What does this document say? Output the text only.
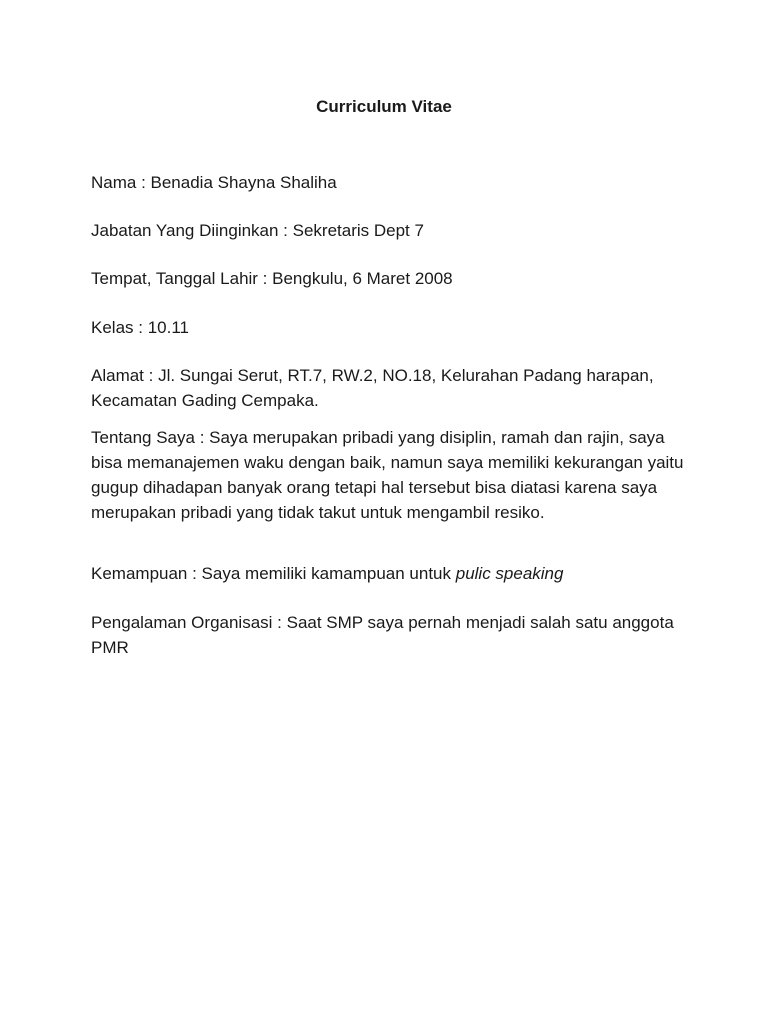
Curriculum Vitae

Nama : Benadia Shayna Shaliha

Jabatan Yang Diinginkan : Sekretaris Dept 7

Tempat, Tanggal Lahir : Bengkulu, 6 Maret 2008

Kelas : 10.11

Alamat : Jl. Sungai Serut, RT.7, RW.2, NO.18, Kelurahan Padang harapan, Kecamatan Gading Cempaka.

Tentang Saya : Saya merupakan pribadi yang disiplin, ramah dan rajin, saya bisa memanajemen waku dengan baik, namun saya memiliki kekurangan yaitu gugup dihadapan banyak orang tetapi hal tersebut bisa diatasi karena saya merupakan pribadi yang tidak takut untuk mengambil resiko.

Kemampuan : Saya memiliki kamampuan untuk pulic speaking

Pengalaman Organisasi : Saat SMP saya pernah menjadi salah satu anggota PMR
